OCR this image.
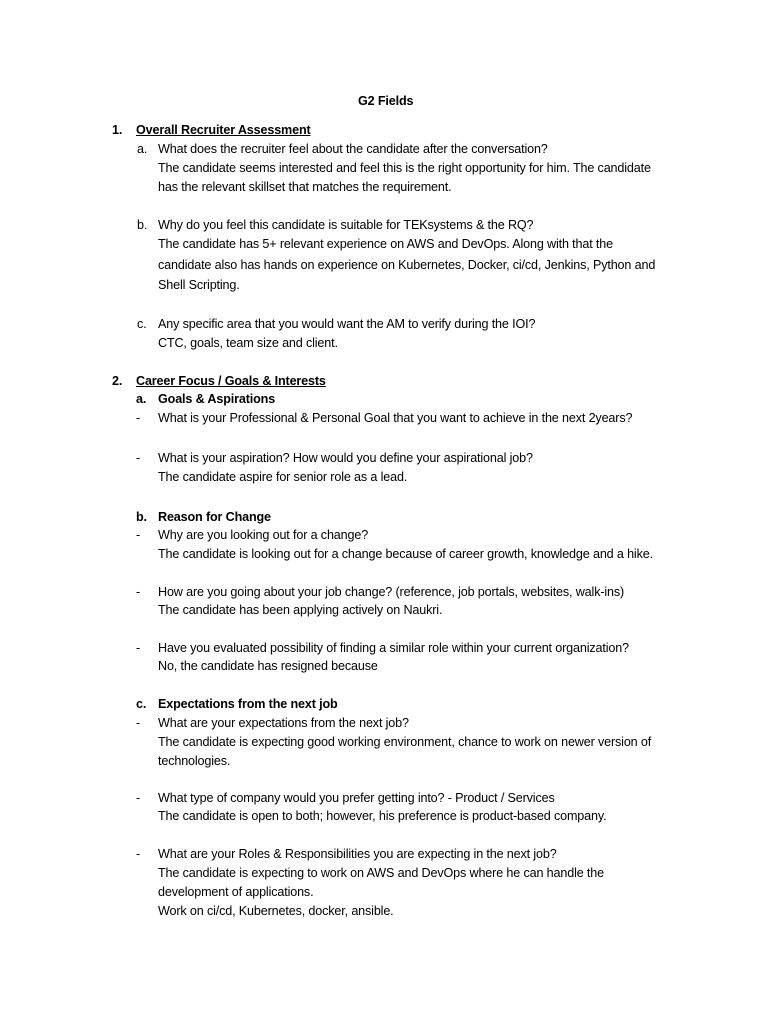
G2 Fields
1. Overall Recruiter Assessment
a. What does the recruiter feel about the candidate after the conversation?
The candidate seems interested and feel this is the right opportunity for him. The candidate
has the relevant skillset that matches the requirement.
b. Why do you feel this candidate is suitable for TEKsystems & the RQ?
The candidate has 5+ relevant experience on AWS and DevOps. Along with that the
candidate also has hands on experience on Kubernetes, Docker, ci/cd, Jenkins, Python and
Shell Scripting.
c. Any specific area that you would want the AM to verify during the IOI?
CTC, goals, team size and client.
2. Career Focus / Goals & Interests
a. Goals & Aspirations
- What is your Professional & Personal Goal that you want to achieve in the next 2years?
- What is your aspiration? How would you define your aspirational job?
The candidate aspire for senior role as a lead.
b. Reason for Change
- Why are you looking out for a change?
The candidate is looking out for a change because of career growth, knowledge and a hike.
- How are you going about your job change? (reference, job portals, websites, walk-ins)
The candidate has been applying actively on Naukri.
- Have you evaluated possibility of finding a similar role within your current organization?
No, the candidate has resigned because
c. Expectations from the next job
- What are your expectations from the next job?
The candidate is expecting good working environment, chance to work on newer version of
technologies.
- What type of company would you prefer getting into? - Product / Services
The candidate is open to both; however, his preference is product-based company.
- What are your Roles & Responsibilities you are expecting in the next job?
The candidate is expecting to work on AWS and DevOps where he can handle the
development of applications.
Work on ci/cd, Kubernetes, docker, ansible.
